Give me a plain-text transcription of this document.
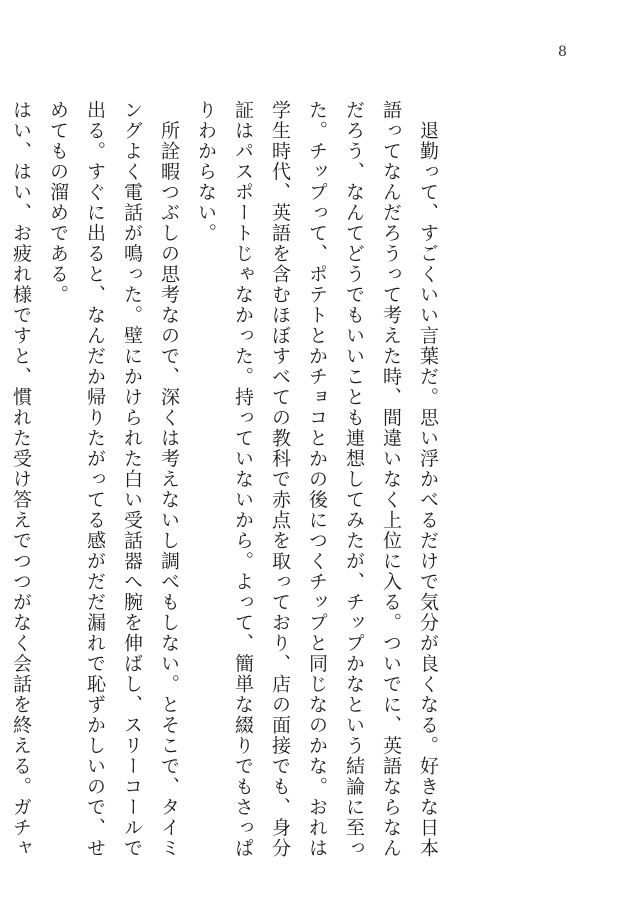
8

　退勤って、すごくいい言葉だ。思い浮かべるだけで気分が良くなる。好きな日本語ってなんだろうって考えた時、間違いなく上位に入る。ついでに、英語ならなんだろう、なんてどうでもいいことも連想してみたが、チップかなという結論に至った。チップって、ポテトとかチョコとかの後につくチップと同じなのかな。おれは学生時代、英語を含むほぼすべての教科で赤点を取っており、店の面接でも、身分証はパスポートじゃなかった。持っていないから。よって、簡単な綴りでもさっぱりわからない。

　所詮暇つぶしの思考なので、深くは考えないし調べもしない。とそこで、タイミングよく電話が鳴った。壁にかけられた白い受話器へ腕を伸ばし、スリーコールで出る。すぐに出ると、なんだか帰りたがってる感がだだ漏れで恥ずかしいので、せめてもの溜めである。

はい、はい、お疲れ様ですと、慣れた受け答えでつつがなく会話を終える。ガチャ
